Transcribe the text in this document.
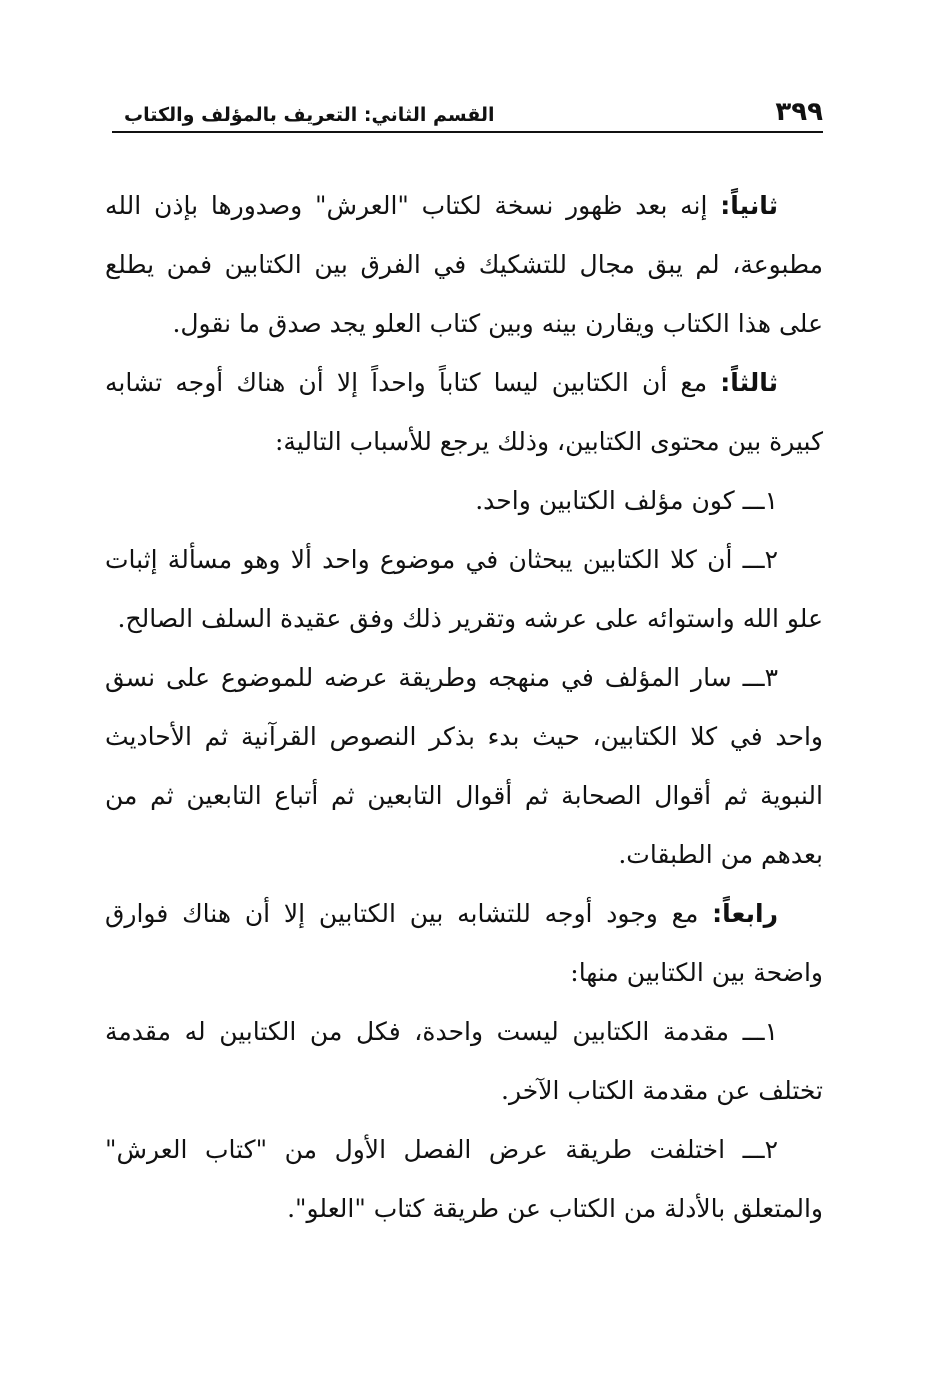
٣٩٩
القسم الثاني: التعريف بالمؤلف والكتاب

ثانياً: إنه بعد ظهور نسخة لكتاب "العرش" وصدورها بإذن الله مطبوعة، لم يبق مجال للتشكيك في الفرق بين الكتابين فمن يطلع على هذا الكتاب ويقارن بينه وبين كتاب العلو يجد صدق ما نقول.

ثالثاً: مع أن الكتابين ليسا كتاباً واحداً إلا أن هناك أوجه تشابه كبيرة بين محتوى الكتابين، وذلك يرجع للأسباب التالية:

١ـــ كون مؤلف الكتابين واحد.

٢ـــ أن كلا الكتابين يبحثان في موضوع واحد ألا وهو مسألة إثبات علو الله واستوائه على عرشه وتقرير ذلك وفق عقيدة السلف الصالح.

٣ـــ سار المؤلف في منهجه وطريقة عرضه للموضوع على نسق واحد في كلا الكتابين، حيث بدء بذكر النصوص القرآنية ثم الأحاديث النبوية ثم أقوال الصحابة ثم أقوال التابعين ثم أتباع التابعين ثم من بعدهم من الطبقات.

رابعاً: مع وجود أوجه للتشابه بين الكتابين إلا أن هناك فوارق واضحة بين الكتابين منها:

١ـــ مقدمة الكتابين ليست واحدة، فكل من الكتابين له مقدمة تختلف عن مقدمة الكتاب الآخر.

٢ـــ اختلفت طريقة عرض الفصل الأول من "كتاب العرش" والمتعلق بالأدلة من الكتاب عن طريقة كتاب "العلو".
